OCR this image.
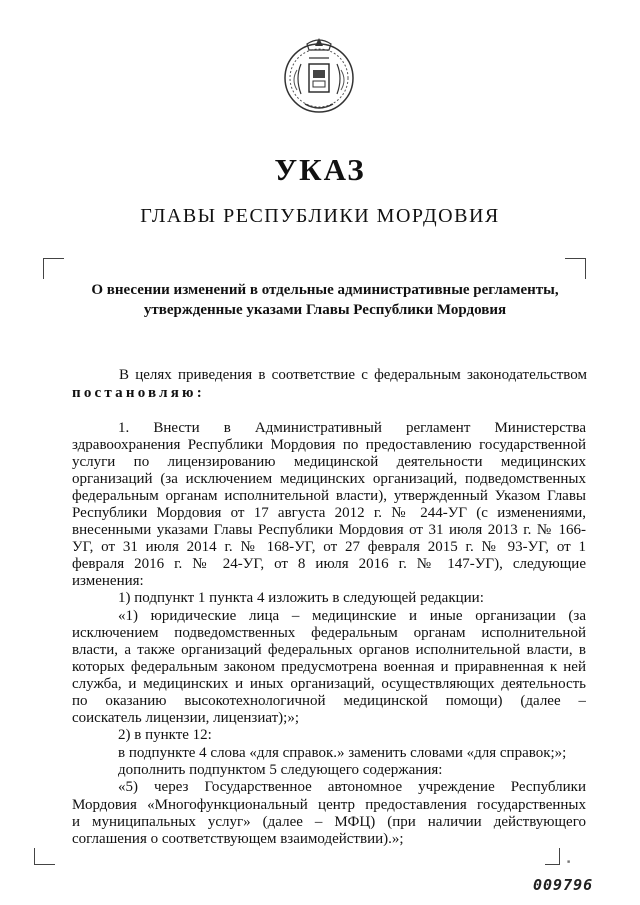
УКАЗ
ГЛАВЫ РЕСПУБЛИКИ МОРДОВИЯ
О внесении изменений в отдельные административные регламенты,
утвержденные указами Главы Республики Мордовия
В целях приведения в соответствие с федеральным законодательством
постановляю:
1.    Внести    в    Административный    регламент    Министерства
здравоохранения Республики Мордовия по предоставлению государственной
услуги   по   лицензированию   медицинской   деятельности   медицинских
организаций (за исключением медицинских организаций, подведомственных
федеральным органам исполнительной власти), утвержденный Указом Главы
Республики Мордовия от 17 августа 2012 г. № 244-УГ (с изменениями,
внесенными указами Главы Республики Мордовия от 31 июля 2013 г. № 166-
УГ, от 31 июля 2014 г. № 168-УГ, от 27 февраля 2015 г. № 93-УГ, от 1
февраля 2016 г. № 24-УГ, от 8 июля 2016 г. № 147-УГ), следующие
изменения:
1) подпункт 1 пункта 4 изложить в следующей редакции:
«1) юридические лица – медицинские и иные организации (за
исключением подведомственных федеральным органам исполнительной
власти, а также организаций федеральных органов исполнительной власти, в
которых федеральным законом предусмотрена военная и приравненная к ней
служба, и медицинских и иных организаций, осуществляющих деятельность
по оказанию высокотехнологичной медицинской помощи) (далее –
соискатель лицензии, лицензиат);»;
2) в пункте 12:
в подпункте 4 слова «для справок.» заменить словами «для справок;»;
дополнить подпунктом 5 следующего содержания:
«5) через Государственное автономное учреждение Республики
Мордовия «Многофункциональный центр предоставления государственных
и муниципальных услуг» (далее – МФЦ) (при наличии действующего
соглашения о соответствующем взаимодействии).»;
■
009796
